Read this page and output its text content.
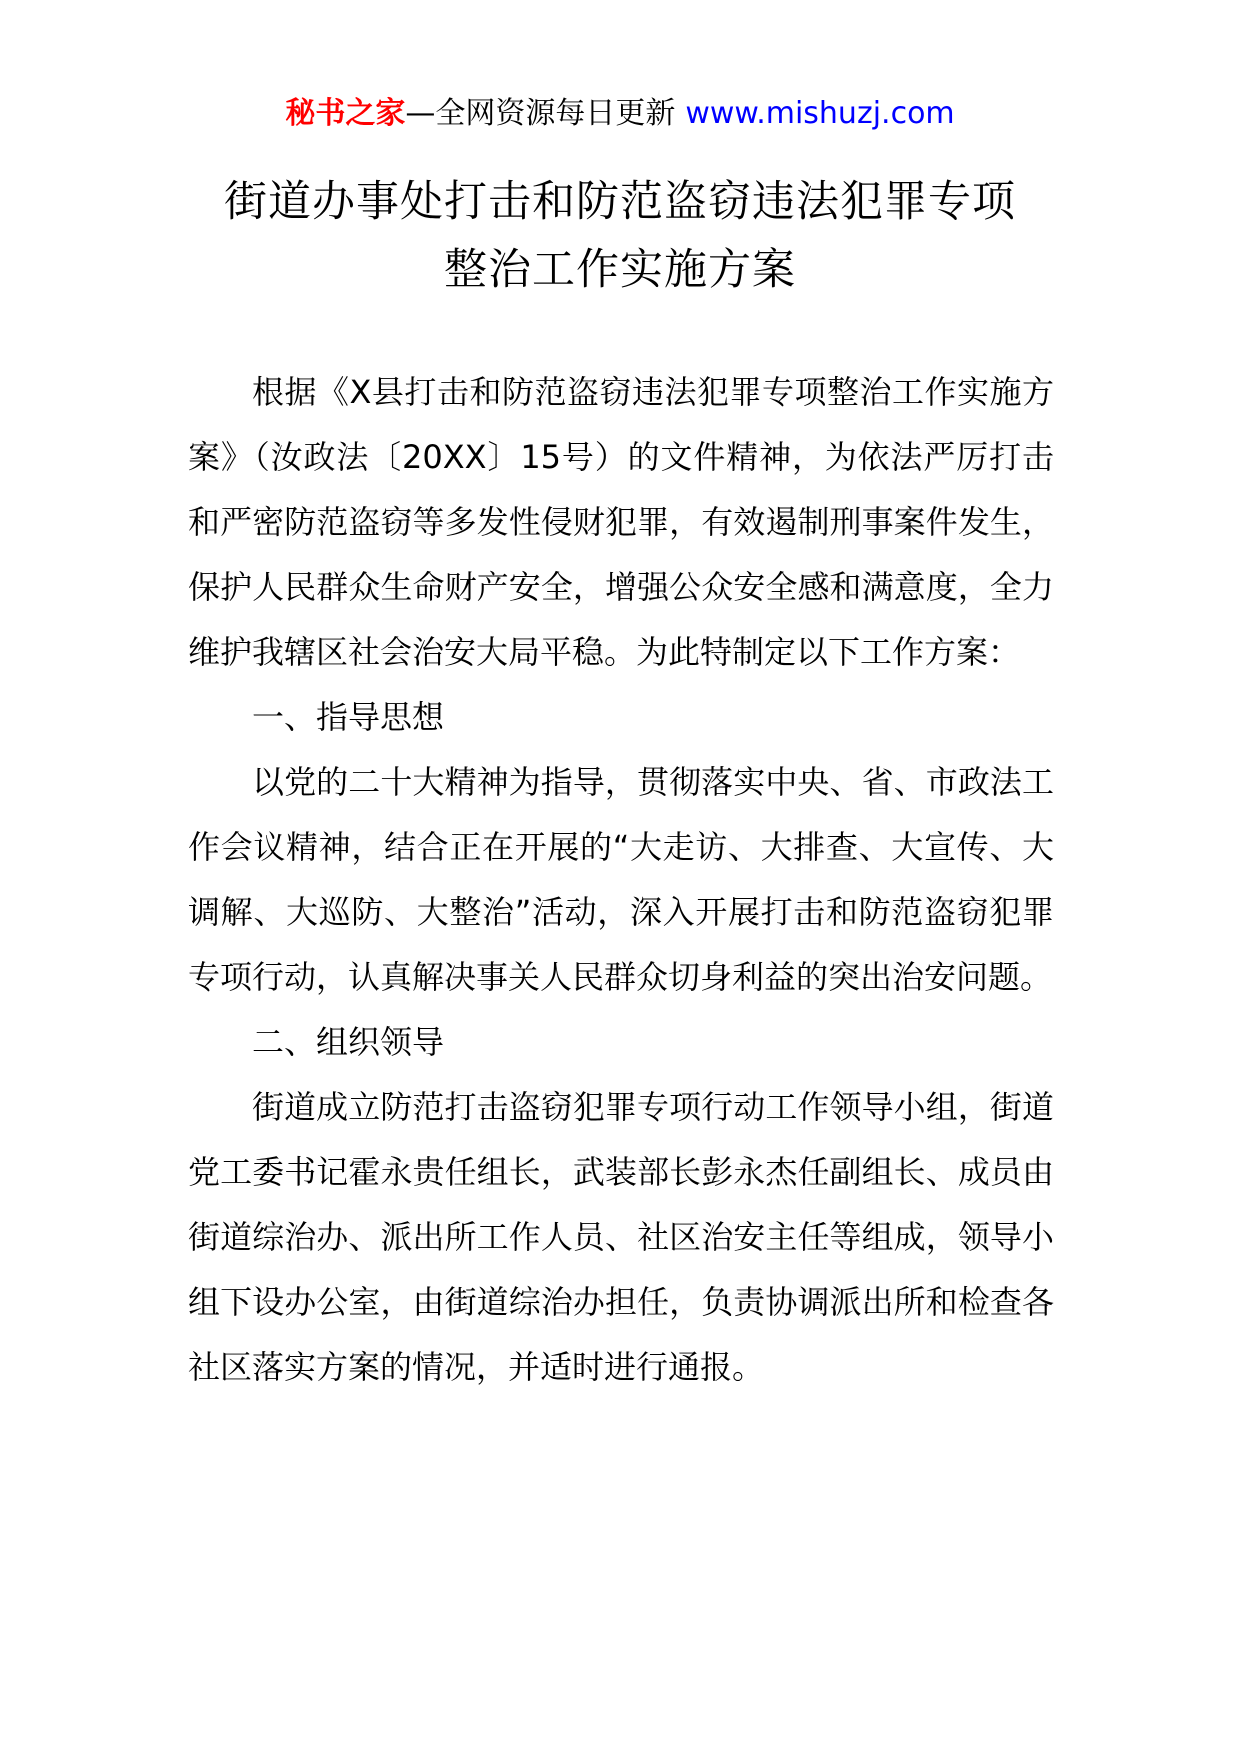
秘书之家—全网资源每日更新 www.mishuzj.com
街道办事处打击和防范盗窃违法犯罪专项
整治工作实施方案

根据《X县打击和防范盗窃违法犯罪专项整治工作实施方案》（汝政法〔20XX〕15号）的文件精神，为依法严厉打击和严密防范盗窃等多发性侵财犯罪，有效遏制刑事案件发生，保护人民群众生命财产安全，增强公众安全感和满意度，全力维护我辖区社会治安大局平稳。为此特制定以下工作方案：

一、指导思想

以党的二十大精神为指导，贯彻落实中央、省、市政法工作会议精神，结合正在开展的“大走访、大排查、大宣传、大调解、大巡防、大整治”活动，深入开展打击和防范盗窃犯罪专项行动，认真解决事关人民群众切身利益的突出治安问题。

二、组织领导

街道成立防范打击盗窃犯罪专项行动工作领导小组，街道党工委书记霍永贵任组长，武装部长彭永杰任副组长、成员由街道综治办、派出所工作人员、社区治安主任等组成，领导小组下设办公室，由街道综治办担任，负责协调派出所和检查各社区落实方案的情况，并适时进行通报。
